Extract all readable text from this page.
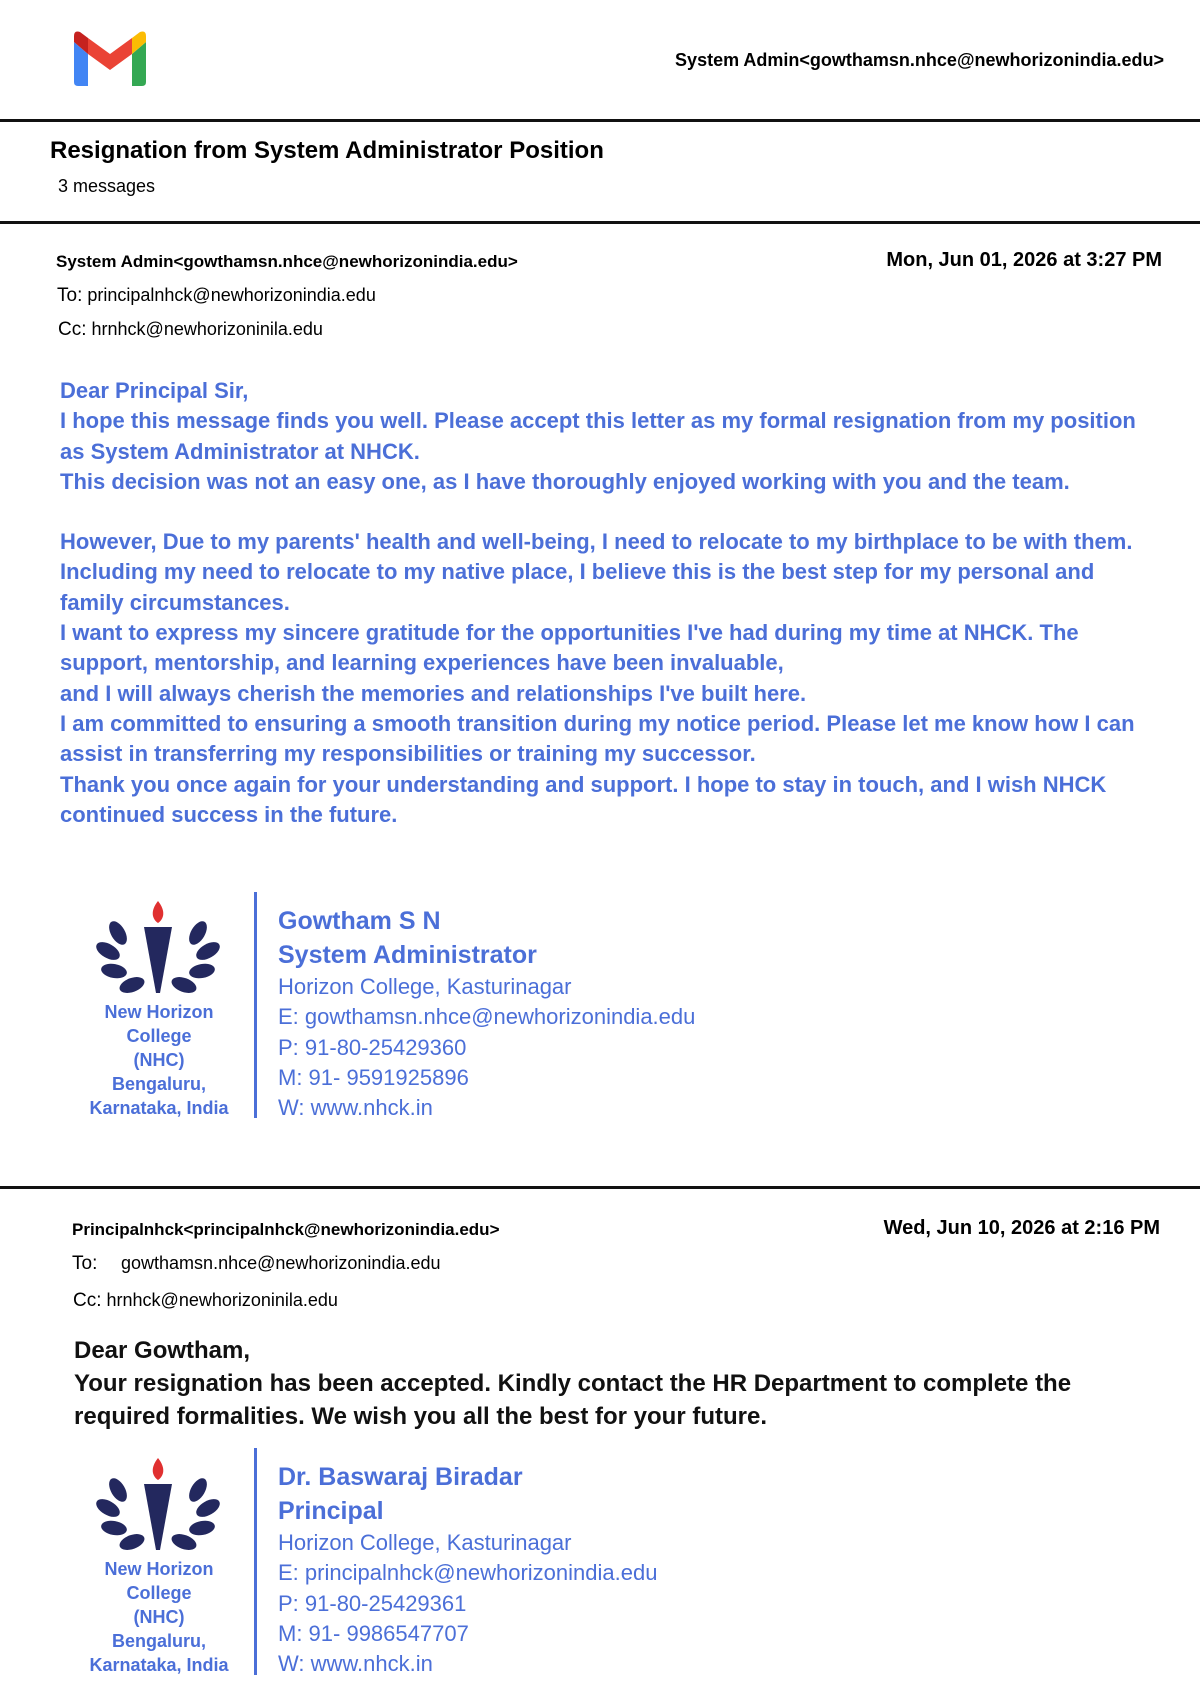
System Admin<gowthamsn.nhce@newhorizonindia.edu>
Resignation from System Administrator Position
3 messages
System Admin<gowthamsn.nhce@newhorizonindia.edu>	Mon, Jun 01, 2026 at 3:27 PM
To: principalnhck@newhorizonindia.edu
Cc: hrnhck@newhorizoninila.edu

Dear Principal Sir,

I hope this message finds you well. Please accept this letter as my formal resignation from my position as System Administrator at NHCK.

This decision was not an easy one, as I have thoroughly enjoyed working with you and the team.

However, Due to my parents' health and well-being, I need to relocate to my birthplace to be with them.

Including my need to relocate to my native place, I believe this is the best step for my personal and family circumstances.

I want to express my sincere gratitude for the opportunities I've had during my time at NHCK. The support, mentorship, and learning experiences have been invaluable,

and I will always cherish the memories and relationships I've built here.

I am committed to ensuring a smooth transition during my notice period. Please let me know how I can assist in transferring my responsibilities or training my successor.

Thank you once again for your understanding and support. I hope to stay in touch, and I wish NHCK continued success in the future.

New Horizon
College
(NHC)
Bengaluru,
Karnataka, India
Gowtham S N
System Administrator
Horizon College, Kasturinagar
E: gowthamsn.nhce@newhorizonindia.edu
P: 91-80-25429360
M: 91- 9591925896
W: www.nhck.in
Principalnhck<principalnhck@newhorizonindia.edu>	Wed, Jun 10, 2026 at 2:16 PM
To: gowthamsn.nhce@newhorizonindia.edu
Cc: hrnhck@newhorizoninila.edu

Dear Gowtham,

Your resignation has been accepted. Kindly contact the HR Department to complete the required formalities. We wish you all the best for your future.

New Horizon
College
(NHC)
Bengaluru,
Karnataka, India
Dr. Baswaraj Biradar
Principal
Horizon College, Kasturinagar
E: principalnhck@newhorizonindia.edu
P: 91-80-25429361
M: 91- 9986547707
W: www.nhck.in
